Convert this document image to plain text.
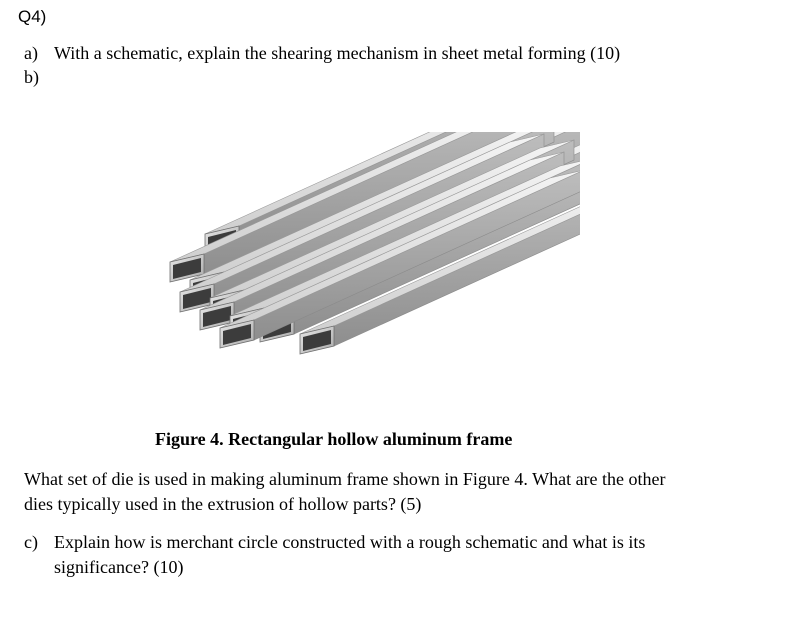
Q4)
a) With a schematic, explain the shearing mechanism in sheet metal forming (10)
b)
Figure 4. Rectangular hollow aluminum frame
What set of die is used in making aluminum frame shown in Figure 4. What are the other
dies typically used in the extrusion of hollow parts? (5)
c) Explain how is merchant circle constructed with a rough schematic and what is its
significance? (10)
